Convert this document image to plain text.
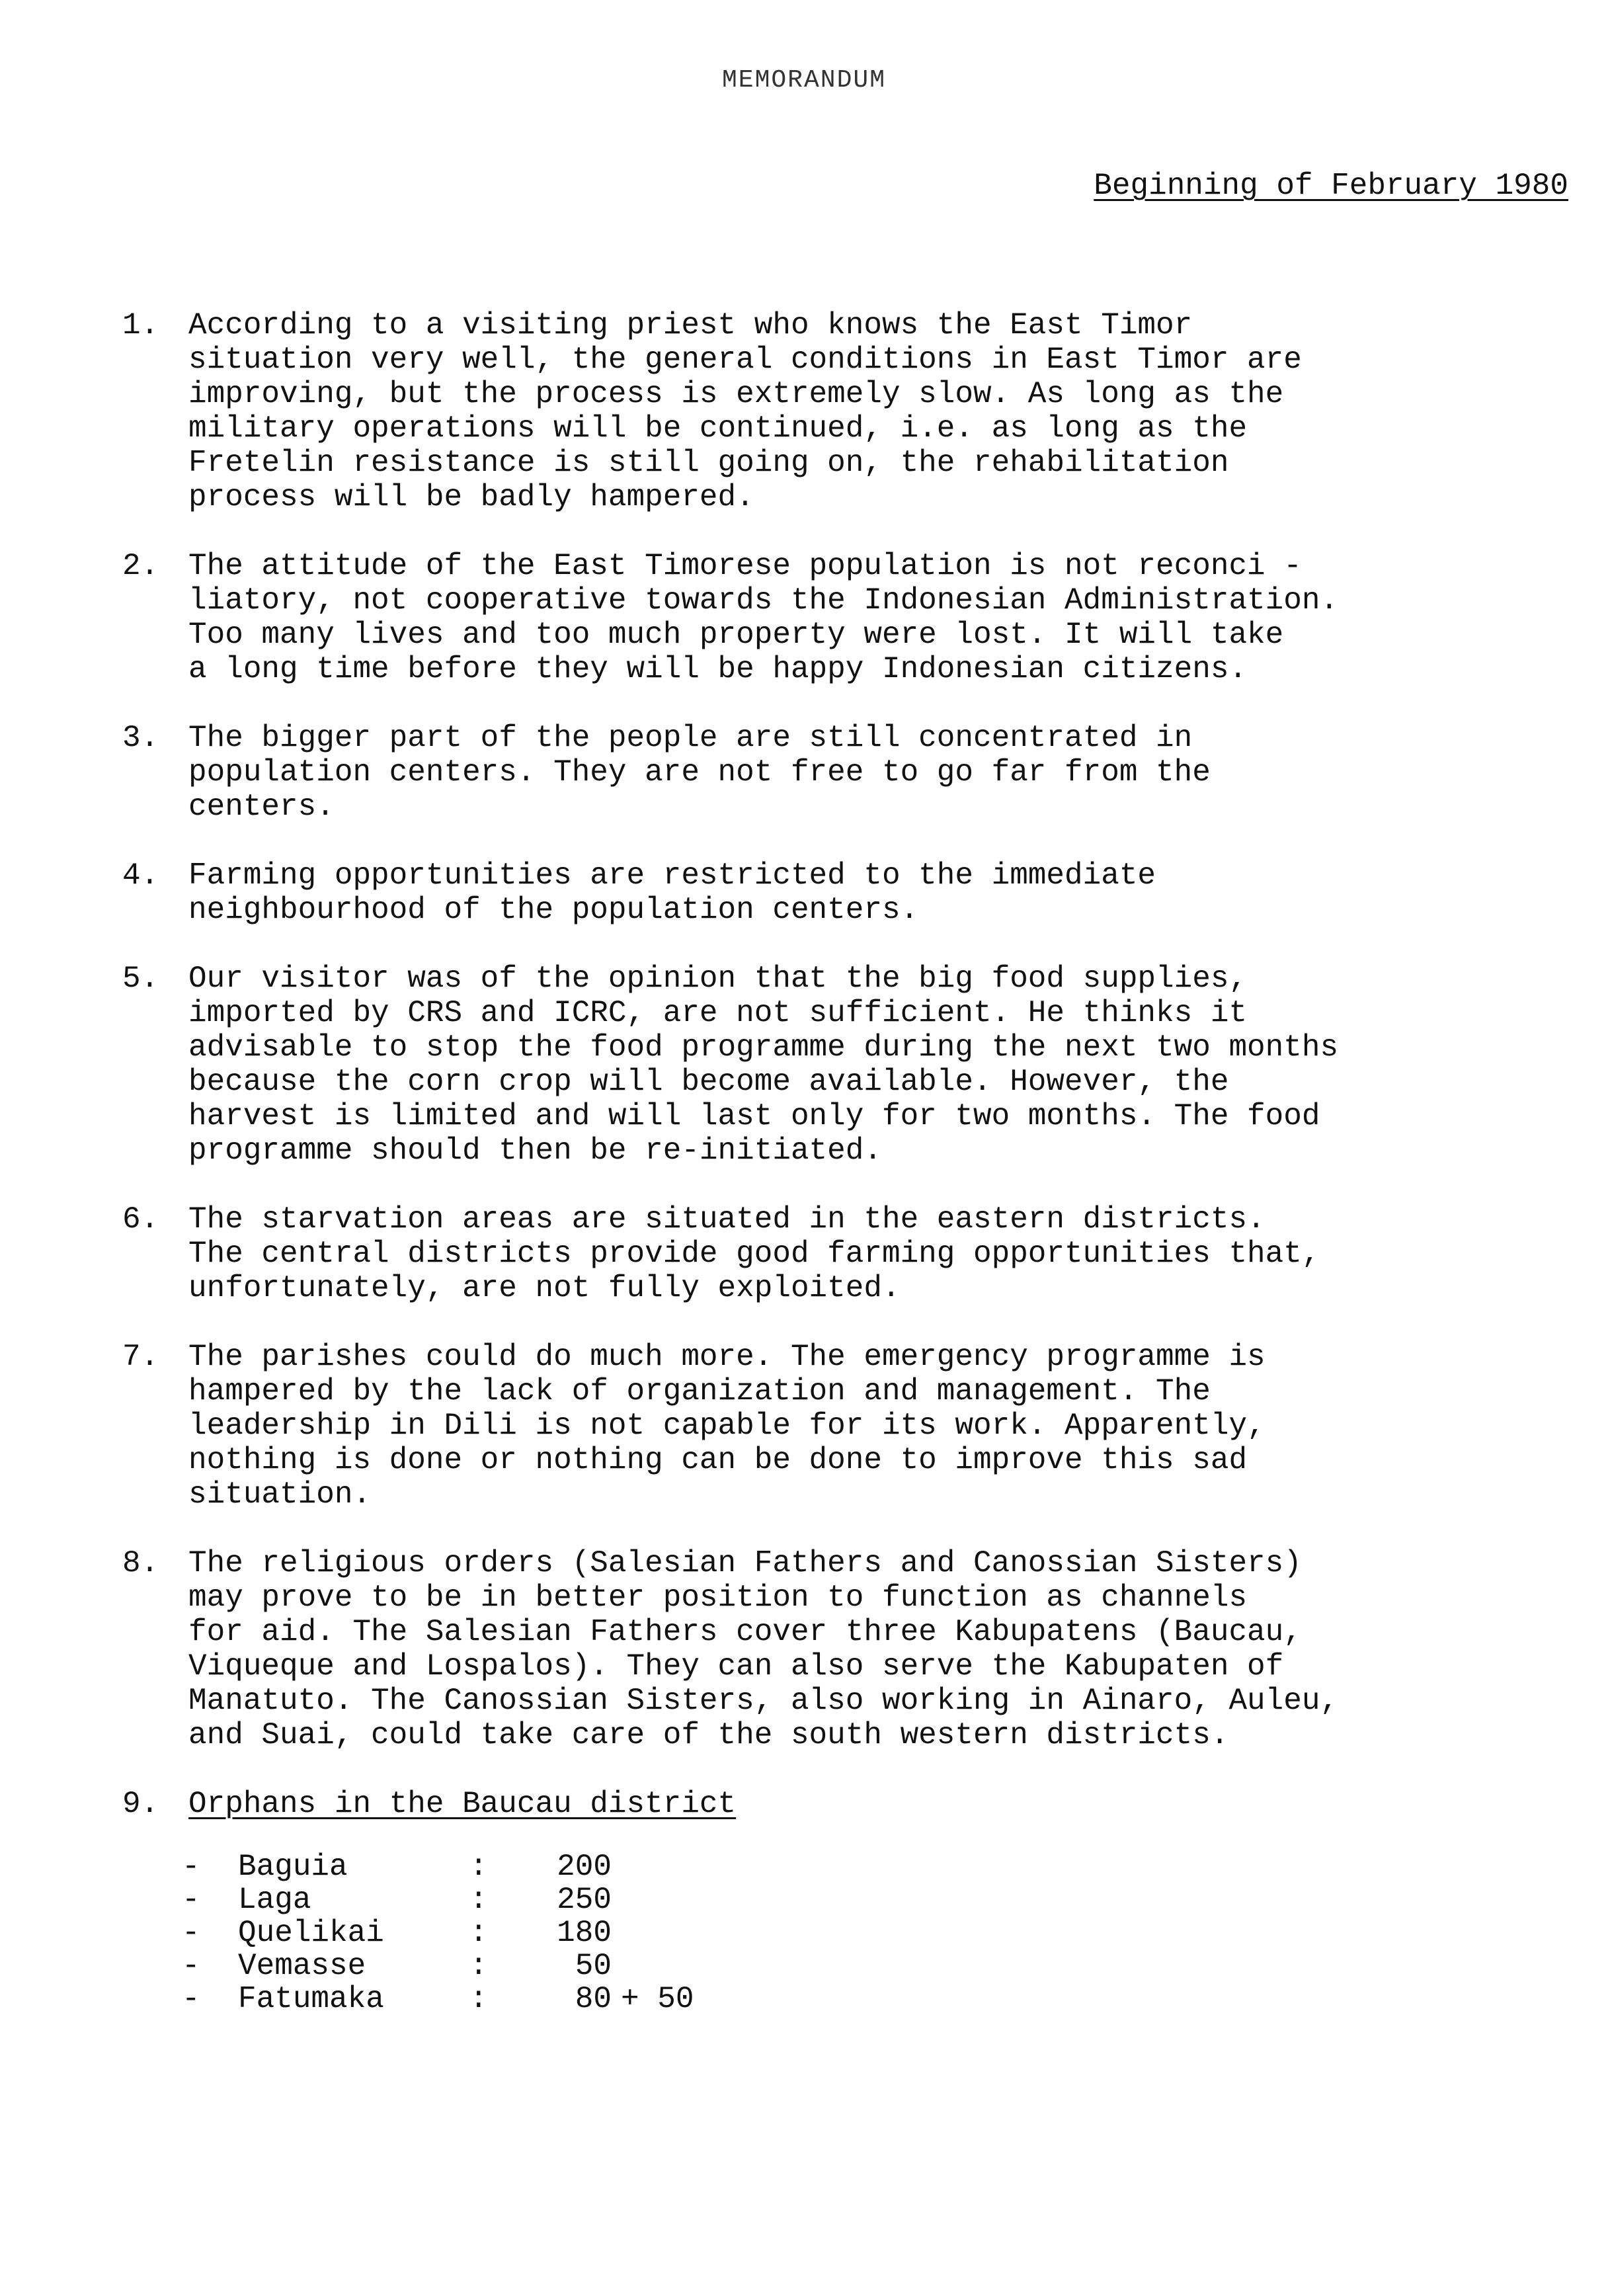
MEMORANDUM
Beginning of February 1980
1. According to a visiting priest who knows the East Timor
situation very well, the general conditions in East Timor are
improving, but the process is extremely slow. As long as the
military operations will be continued, i.e. as long as the
Fretelin resistance is still going on, the rehabilitation
process will be badly hampered.
2. The attitude of the East Timorese population is not reconci -
liatory, not cooperative towards the Indonesian Administration.
Too many lives and too much property were lost. It will take
a long time before they will be happy Indonesian citizens.
3. The bigger part of the people are still concentrated in
population centers. They are not free to go far from the
centers.
4. Farming opportunities are restricted to the immediate
neighbourhood of the population centers.
5. Our visitor was of the opinion that the big food supplies,
imported by CRS and ICRC, are not sufficient. He thinks it
advisable to stop the food programme during the next two months
because the corn crop will become available. However, the
harvest is limited and will last only for two months. The food
programme should then be re-initiated.
6. The starvation areas are situated in the eastern districts.
The central districts provide good farming opportunities that,
unfortunately, are not fully exploited.
7. The parishes could do much more. The emergency programme is
hampered by the lack of organization and management. The
leadership in Dili is not capable for its work. Apparently,
nothing is done or nothing can be done to improve this sad
situation.
8. The religious orders (Salesian Fathers and Canossian Sisters)
may prove to be in better position to function as channels
for aid. The Salesian Fathers cover three Kabupatens (Baucau,
Viqueque and Lospalos). They can also serve the Kabupaten of
Manatuto. The Canossian Sisters, also working in Ainaro, Auleu,
and Suai, could take care of the south western districts.
9. Orphans in the Baucau district
-	Baguia	:	200
-	Laga	:	250
-	Quelikai	:	180
-	Vemasse	:	50
-	Fatumaka	:	80 + 50
